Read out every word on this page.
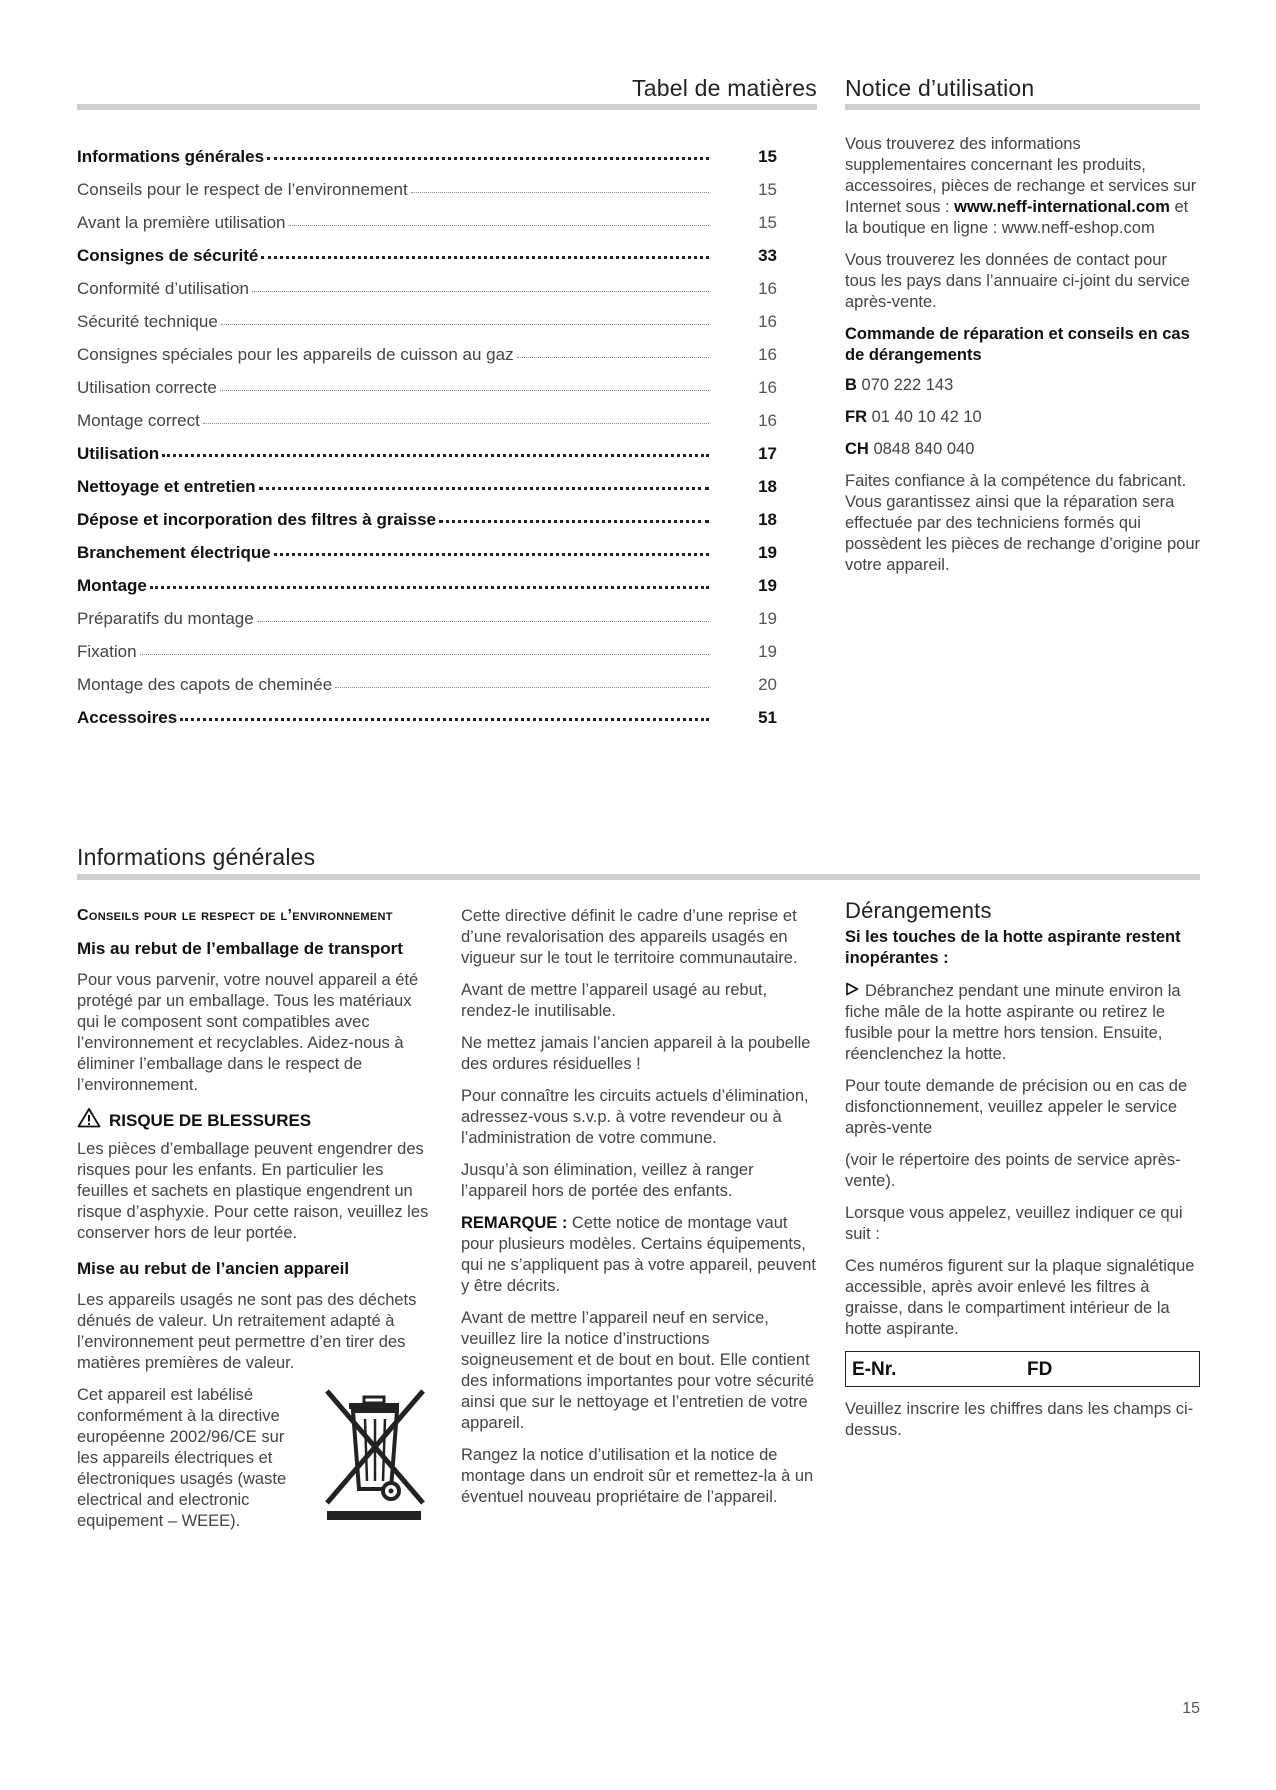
Tabel de matières Notice d’utilisation
Informations générales	15
Conseils pour le respect de l’environnement	15
Avant la première utilisation	15
Consignes de sécurité	33
Conformité d’utilisation	16
Sécurité technique	16
Consignes spéciales pour les appareils de cuisson au gaz	16
Utilisation correcte	16
Montage correct	16
Utilisation	17
Nettoyage et entretien	18
Dépose et incorporation des filtres à graisse	18
Branchement électrique	19
Montage	19
Préparatifs du montage	19
Fixation	19
Montage des capots de cheminée	20
Accessoires	51

Vous trouverez des informations supplementaires concernant les produits, accessoires, pièces de rechange et services sur Internet sous : www.neff-international.com et la boutique en ligne : www.neff-eshop.com

Vous trouverez les données de contact pour tous les pays dans l’annuaire ci-joint du service après-vente.

Commande de réparation et conseils en cas de dérangements

B 070 222 143

FR 01 40 10 42 10

CH 0848 840 040

Faites confiance à la compétence du fabricant. Vous garantissez ainsi que la réparation sera effectuée par des techniciens formés qui possèdent les pièces de rechange d’origine pour votre appareil.

Informations générales

Conseils pour le respect de l’environnement

Mis au rebut de l’emballage de transport

Pour vous parvenir, votre nouvel appareil a été protégé par un emballage. Tous les matériaux qui le composent sont compatibles avec l’environnement et recyclables. Aidez-nous à éliminer l’emballage dans le respect de l’environnement.

RISQUE DE BLESSURES

Les pièces d’emballage peuvent engendrer des risques pour les enfants. En particulier les feuilles et sachets en plastique engendrent un risque d’asphyxie. Pour cette raison, veuillez les conserver hors de leur portée.

Mise au rebut de l’ancien appareil

Les appareils usagés ne sont pas des déchets dénués de valeur. Un retraitement adapté à l’environnement peut permettre d’en tirer des matières premières de valeur.

Cet appareil est labélisé conformément à la directive européenne 2002/96/CE sur les appareils électriques et électroniques usagés (waste electrical and electronic equipement – WEEE).

Cette directive définit le cadre d’une reprise et d’une revalorisation des appareils usagés en vigueur sur le tout le territoire communautaire.

Avant de mettre l’appareil usagé au rebut, rendez-le inutilisable.

Ne mettez jamais l’ancien appareil à la poubelle des ordures résiduelles !

Pour connaître les circuits actuels d’élimination, adressez-vous s.v.p. à votre revendeur ou à l’administration de votre commune.

Jusqu’à son élimination, veillez à ranger l’appareil hors de portée des enfants.

REMARQUE : Cette notice de montage vaut pour plusieurs modèles. Certains équipements, qui ne s’appliquent pas à votre appareil, peuvent y être décrits.

Avant de mettre l’appareil neuf en service, veuillez lire la notice d’instructions soigneusement et de bout en bout. Elle contient des informations importantes pour votre sécurité ainsi que sur le nettoyage et l’entretien de votre appareil.

Rangez la notice d’utilisation et la notice de montage dans un endroit sûr et remettez-la à un éventuel nouveau propriétaire de l’appareil.

Dérangements

Si les touches de la hotte aspirante restent inopérantes :

Débranchez pendant une minute environ la fiche mâle de la hotte aspirante ou retirez le fusible pour la mettre hors tension. Ensuite, réenclenchez la hotte.

Pour toute demande de précision ou en cas de disfonctionnement, veuillez appeler le service après-vente

(voir le répertoire des points de service après-vente).

Lorsque vous appelez, veuillez indiquer ce qui suit :

Ces numéros figurent sur la plaque signalétique accessible, après avoir enlevé les filtres à graisse, dans le compartiment intérieur de la hotte aspirante.

E-Nr.	FD

Veuillez inscrire les chiffres dans les champs ci-dessus.

15
